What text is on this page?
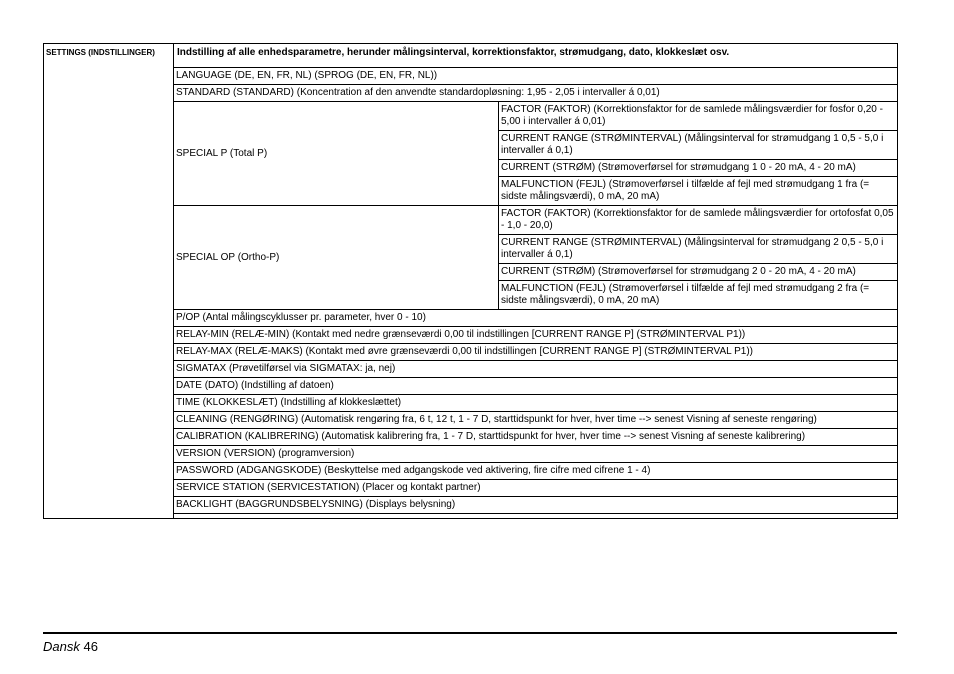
SETTINGS (INDSTILLINGER)	Indstilling af alle enhedsparametre, herunder målingsinterval, korrektionsfaktor, strømudgang, dato, klokkeslæt osv.	
	LANGUAGE (DE, EN, FR, NL) (SPROG (DE, EN, FR, NL))	
	STANDARD (STANDARD) (Koncentration af den anvendte standardopløsning: 1,95 - 2,05 i intervaller á 0,01)	
	SPECIAL P (Total P)	FACTOR (FAKTOR) (Korrektionsfaktor for de samlede målingsværdier for fosfor 0,20 - 5,00 i intervaller á 0,01)
		CURRENT RANGE (STRØMINTERVAL) (Målingsinterval for strømudgang 1 0,5 - 5,0 i intervaller á 0,1)
		CURRENT (STRØM) (Strømoverførsel for strømudgang 1 0 - 20 mA, 4 - 20 mA)
		MALFUNCTION (FEJL) (Strømoverførsel i tilfælde af fejl med strømudgang 1 fra (= sidste målingsværdi), 0 mA, 20 mA)
	SPECIAL OP (Ortho-P)	FACTOR (FAKTOR) (Korrektionsfaktor for de samlede målingsværdier for ortofosfat 0,05 - 1,0 - 20,0)
		CURRENT RANGE (STRØMINTERVAL) (Målingsinterval for strømudgang 2 0,5 - 5,0 i intervaller á 0,1)
		CURRENT (STRØM) (Strømoverførsel for strømudgang 2 0 - 20 mA, 4 - 20 mA)
		MALFUNCTION (FEJL) (Strømoverførsel i tilfælde af fejl med strømudgang 2 fra (= sidste målingsværdi), 0 mA, 20 mA)
	P/OP (Antal målingscyklusser pr. parameter, hver 0 - 10)	
	RELAY-MIN (RELÆ-MIN) (Kontakt med nedre grænseværdi 0,00 til indstillingen [CURRENT RANGE P] (STRØMINTERVAL P1))	
	RELAY-MAX (RELÆ-MAKS) (Kontakt med øvre grænseværdi 0,00 til indstillingen [CURRENT RANGE P] (STRØMINTERVAL P1))	
	SIGMATAX (Prøvetilførsel via SIGMATAX: ja, nej)	
	DATE (DATO) (Indstilling af datoen)	
	TIME (KLOKKESLÆT) (Indstilling af klokkeslættet)	
	CLEANING (RENGØRING) (Automatisk rengøring fra, 6 t, 12 t, 1 - 7 D, starttidspunkt for hver, hver time --> senest Visning af seneste rengøring)	
	CALIBRATION (KALIBRERING) (Automatisk kalibrering fra, 1 - 7 D, starttidspunkt for hver, hver time --> senest Visning af seneste kalibrering)	
	VERSION (VERSION) (programversion)	
	PASSWORD (ADGANGSKODE) (Beskyttelse med adgangskode ved aktivering, fire cifre med cifrene 1 - 4)	
	SERVICE STATION (SERVICESTATION) (Placer og kontakt partner)	
	BACKLIGHT (BAGGRUNDSBELYSNING) (Displays belysning)	

Dansk 46
